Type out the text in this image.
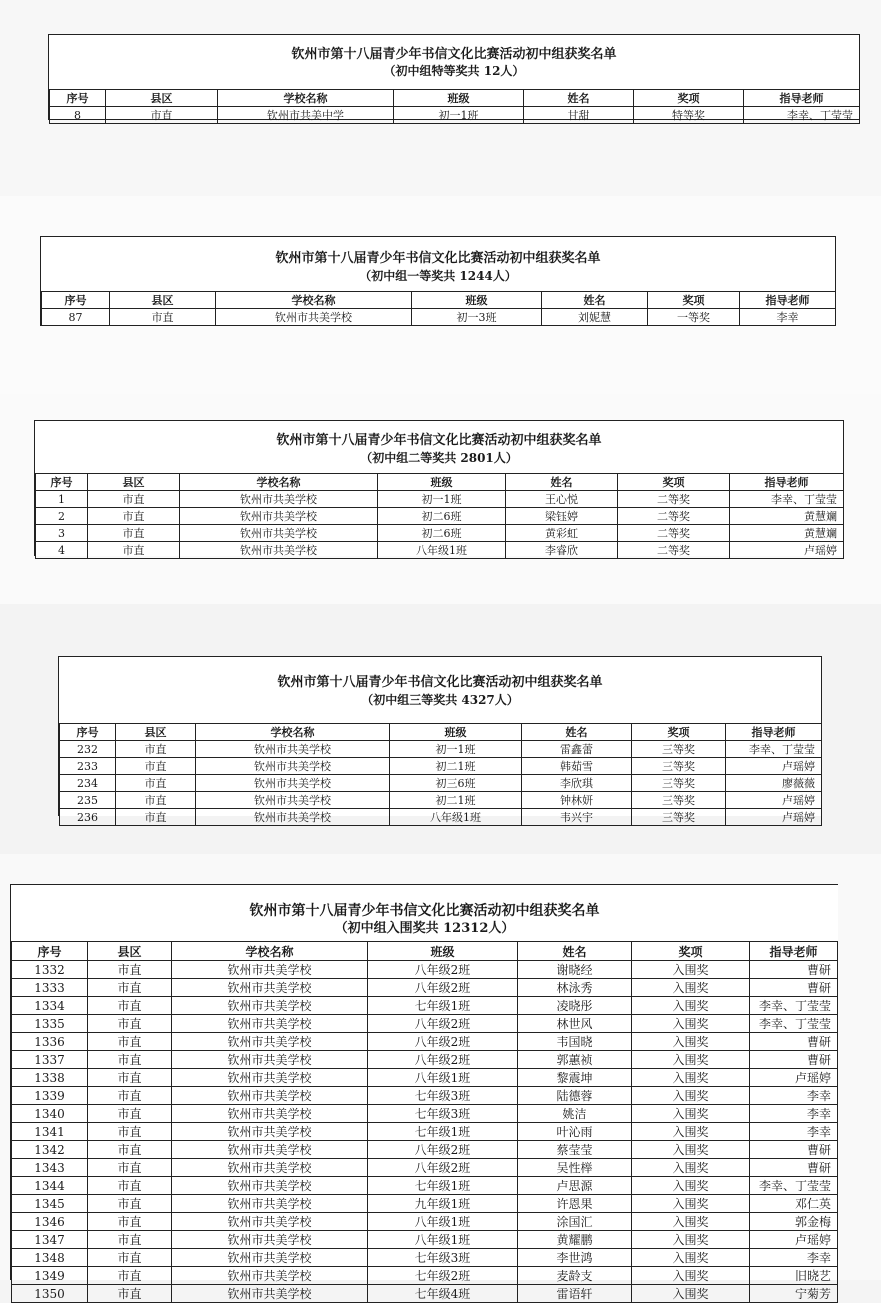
钦州市第十八届青少年书信文化比赛活动初中组获奖名单
（初中组特等奖共 12人）
序号	县区	学校名称	班级	姓名	奖项	指导老师
8	市直	钦州市共美中学	初一1班	甘甜	特等奖	李幸、丁莹莹
钦州市第十八届青少年书信文化比赛活动初中组获奖名单
（初中组一等奖共 1244人）
序号	县区	学校名称	班级	姓名	奖项	指导老师
87	市直	钦州市共美学校	初一3班	刘妮慧	一等奖	李幸
钦州市第十八届青少年书信文化比赛活动初中组获奖名单
（初中组二等奖共 2801人）
序号	县区	学校名称	班级	姓名	奖项	指导老师
1	市直	钦州市共美学校	初一1班	王心悦	二等奖	李幸、丁莹莹
2	市直	钦州市共美学校	初二6班	梁钰婷	二等奖	黄慧斓
3	市直	钦州市共美学校	初二6班	黄彩虹	二等奖	黄慧斓
4	市直	钦州市共美学校	八年级1班	李睿欣	二等奖	卢瑶婷
钦州市第十八届青少年书信文化比赛活动初中组获奖名单
（初中组三等奖共 4327人）
序号	县区	学校名称	班级	姓名	奖项	指导老师
232	市直	钦州市共美学校	初一1班	雷鑫蕾	三等奖	李幸、丁莹莹
233	市直	钦州市共美学校	初二1班	韩茹雪	三等奖	卢瑶婷
234	市直	钦州市共美学校	初三6班	李欣琪	三等奖	廖薇薇
235	市直	钦州市共美学校	初二1班	钟林妍	三等奖	卢瑶婷
236	市直	钦州市共美学校	八年级1班	韦兴宇	三等奖	卢瑶婷
钦州市第十八届青少年书信文化比赛活动初中组获奖名单
（初中组入围奖共 12312人）
序号	县区	学校名称	班级	姓名	奖项	指导老师
1332	市直	钦州市共美学校	八年级2班	谢晓经	入围奖	曹研
1333	市直	钦州市共美学校	八年级2班	林泳秀	入围奖	曹研
1334	市直	钦州市共美学校	七年级1班	凌晓彤	入围奖	李幸、丁莹莹
1335	市直	钦州市共美学校	八年级2班	林世风	入围奖	李幸、丁莹莹
1336	市直	钦州市共美学校	八年级2班	韦国晓	入围奖	曹研
1337	市直	钦州市共美学校	八年级2班	郭蕙祯	入围奖	曹研
1338	市直	钦州市共美学校	八年级1班	黎震坤	入围奖	卢瑶婷
1339	市直	钦州市共美学校	七年级3班	陆德蓉	入围奖	李幸
1340	市直	钦州市共美学校	七年级3班	姚洁	入围奖	李幸
1341	市直	钦州市共美学校	七年级1班	叶沁雨	入围奖	李幸
1342	市直	钦州市共美学校	八年级2班	蔡莹莹	入围奖	曹研
1343	市直	钦州市共美学校	八年级2班	吴性榉	入围奖	曹研
1344	市直	钦州市共美学校	七年级1班	卢思源	入围奖	李幸、丁莹莹
1345	市直	钦州市共美学校	九年级1班	许恩果	入围奖	邓仁英
1346	市直	钦州市共美学校	八年级1班	涂国汇	入围奖	郭金梅
1347	市直	钦州市共美学校	八年级1班	黄耀鹏	入围奖	卢瑶婷
1348	市直	钦州市共美学校	七年级3班	李世鸿	入围奖	李幸
1349	市直	钦州市共美学校	七年级2班	麦龄支	入围奖	旧晓艺
1350	市直	钦州市共美学校	七年级4班	雷语轩	入围奖	宁菊芳
